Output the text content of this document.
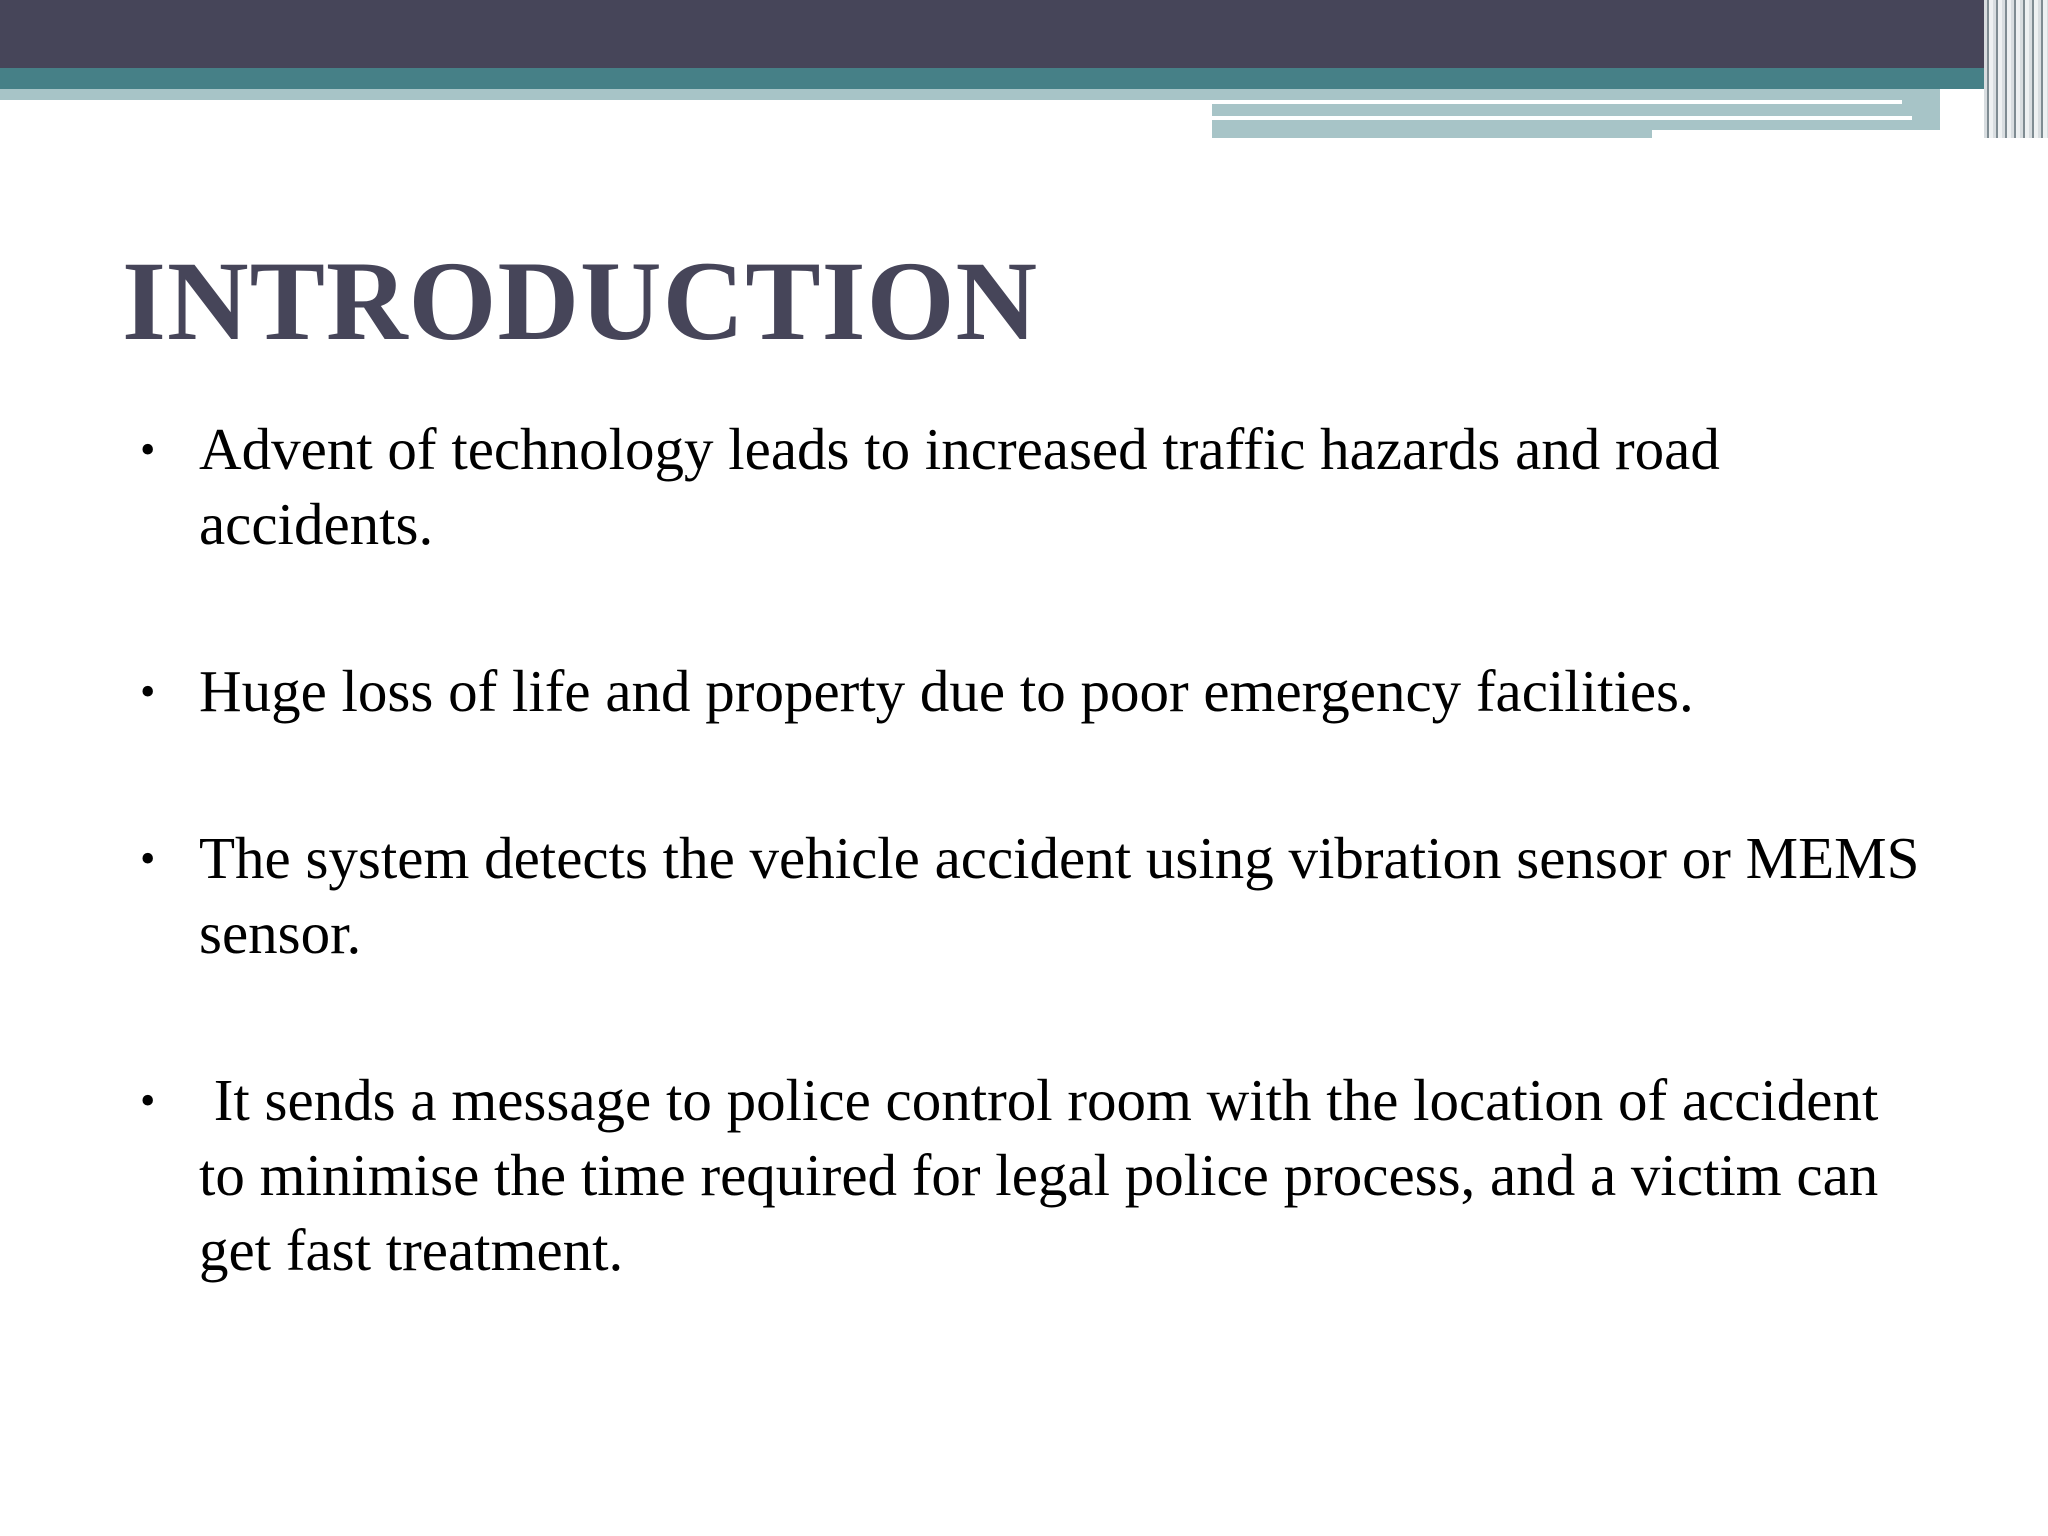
INTRODUCTION
• Advent of technology leads to increased traffic hazards and road accidents.
• Huge loss of life and property due to poor emergency facilities.
• The system detects the vehicle accident using vibration sensor or MEMS sensor.
• It sends a message to police control room with the location of accident to minimise the time required for legal police process, and a victim can get fast treatment.
